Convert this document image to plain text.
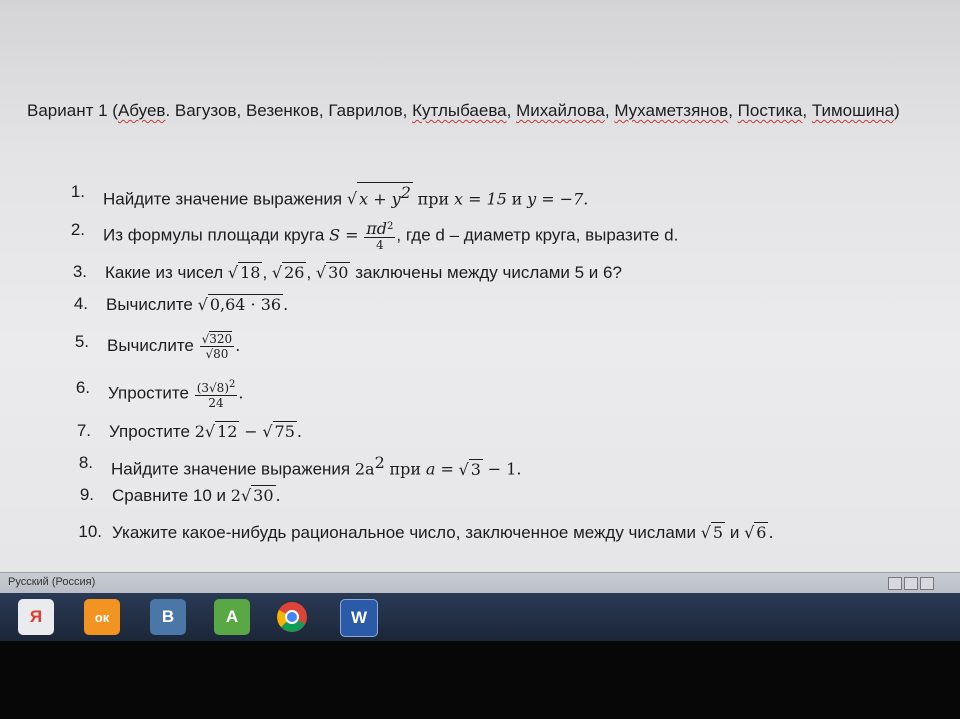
Вариант 1 (Абуев. Вагузов, Везенков, Гаврилов, Кутлыбаева, Михайлова, Мухаметзянов, Постика, Тимошина)
1. Найдите значение выражения √ $x + y^2$ при x = 15 и y = −7.
2. Из формулы площади круга $S = \frac{\pi d^2}{4}$ , где d – диаметр круга, выразите d.
3. Какие из чисел √ 18 , √ 26 , √ 30 заключены между числами 5 и 6?
4. Вычислите √ 0,64 · 36 .
5. Вычислите $\frac{√320}{√80}$ .
6. Упростите $\frac{(3√8)^2}{24}$ .
7. Упростите 2√ 12 − √ 75 .
8. Найдите значение выражения $2a^2$ при a = √ 3 − 1.
9. Сравните 10 и 2√ 30 .
10. Укажите какое-нибудь рациональное число, заключенное между числами √ 5 и √ 6 .
Русский (Россия)
Я	ок	B	A	W
